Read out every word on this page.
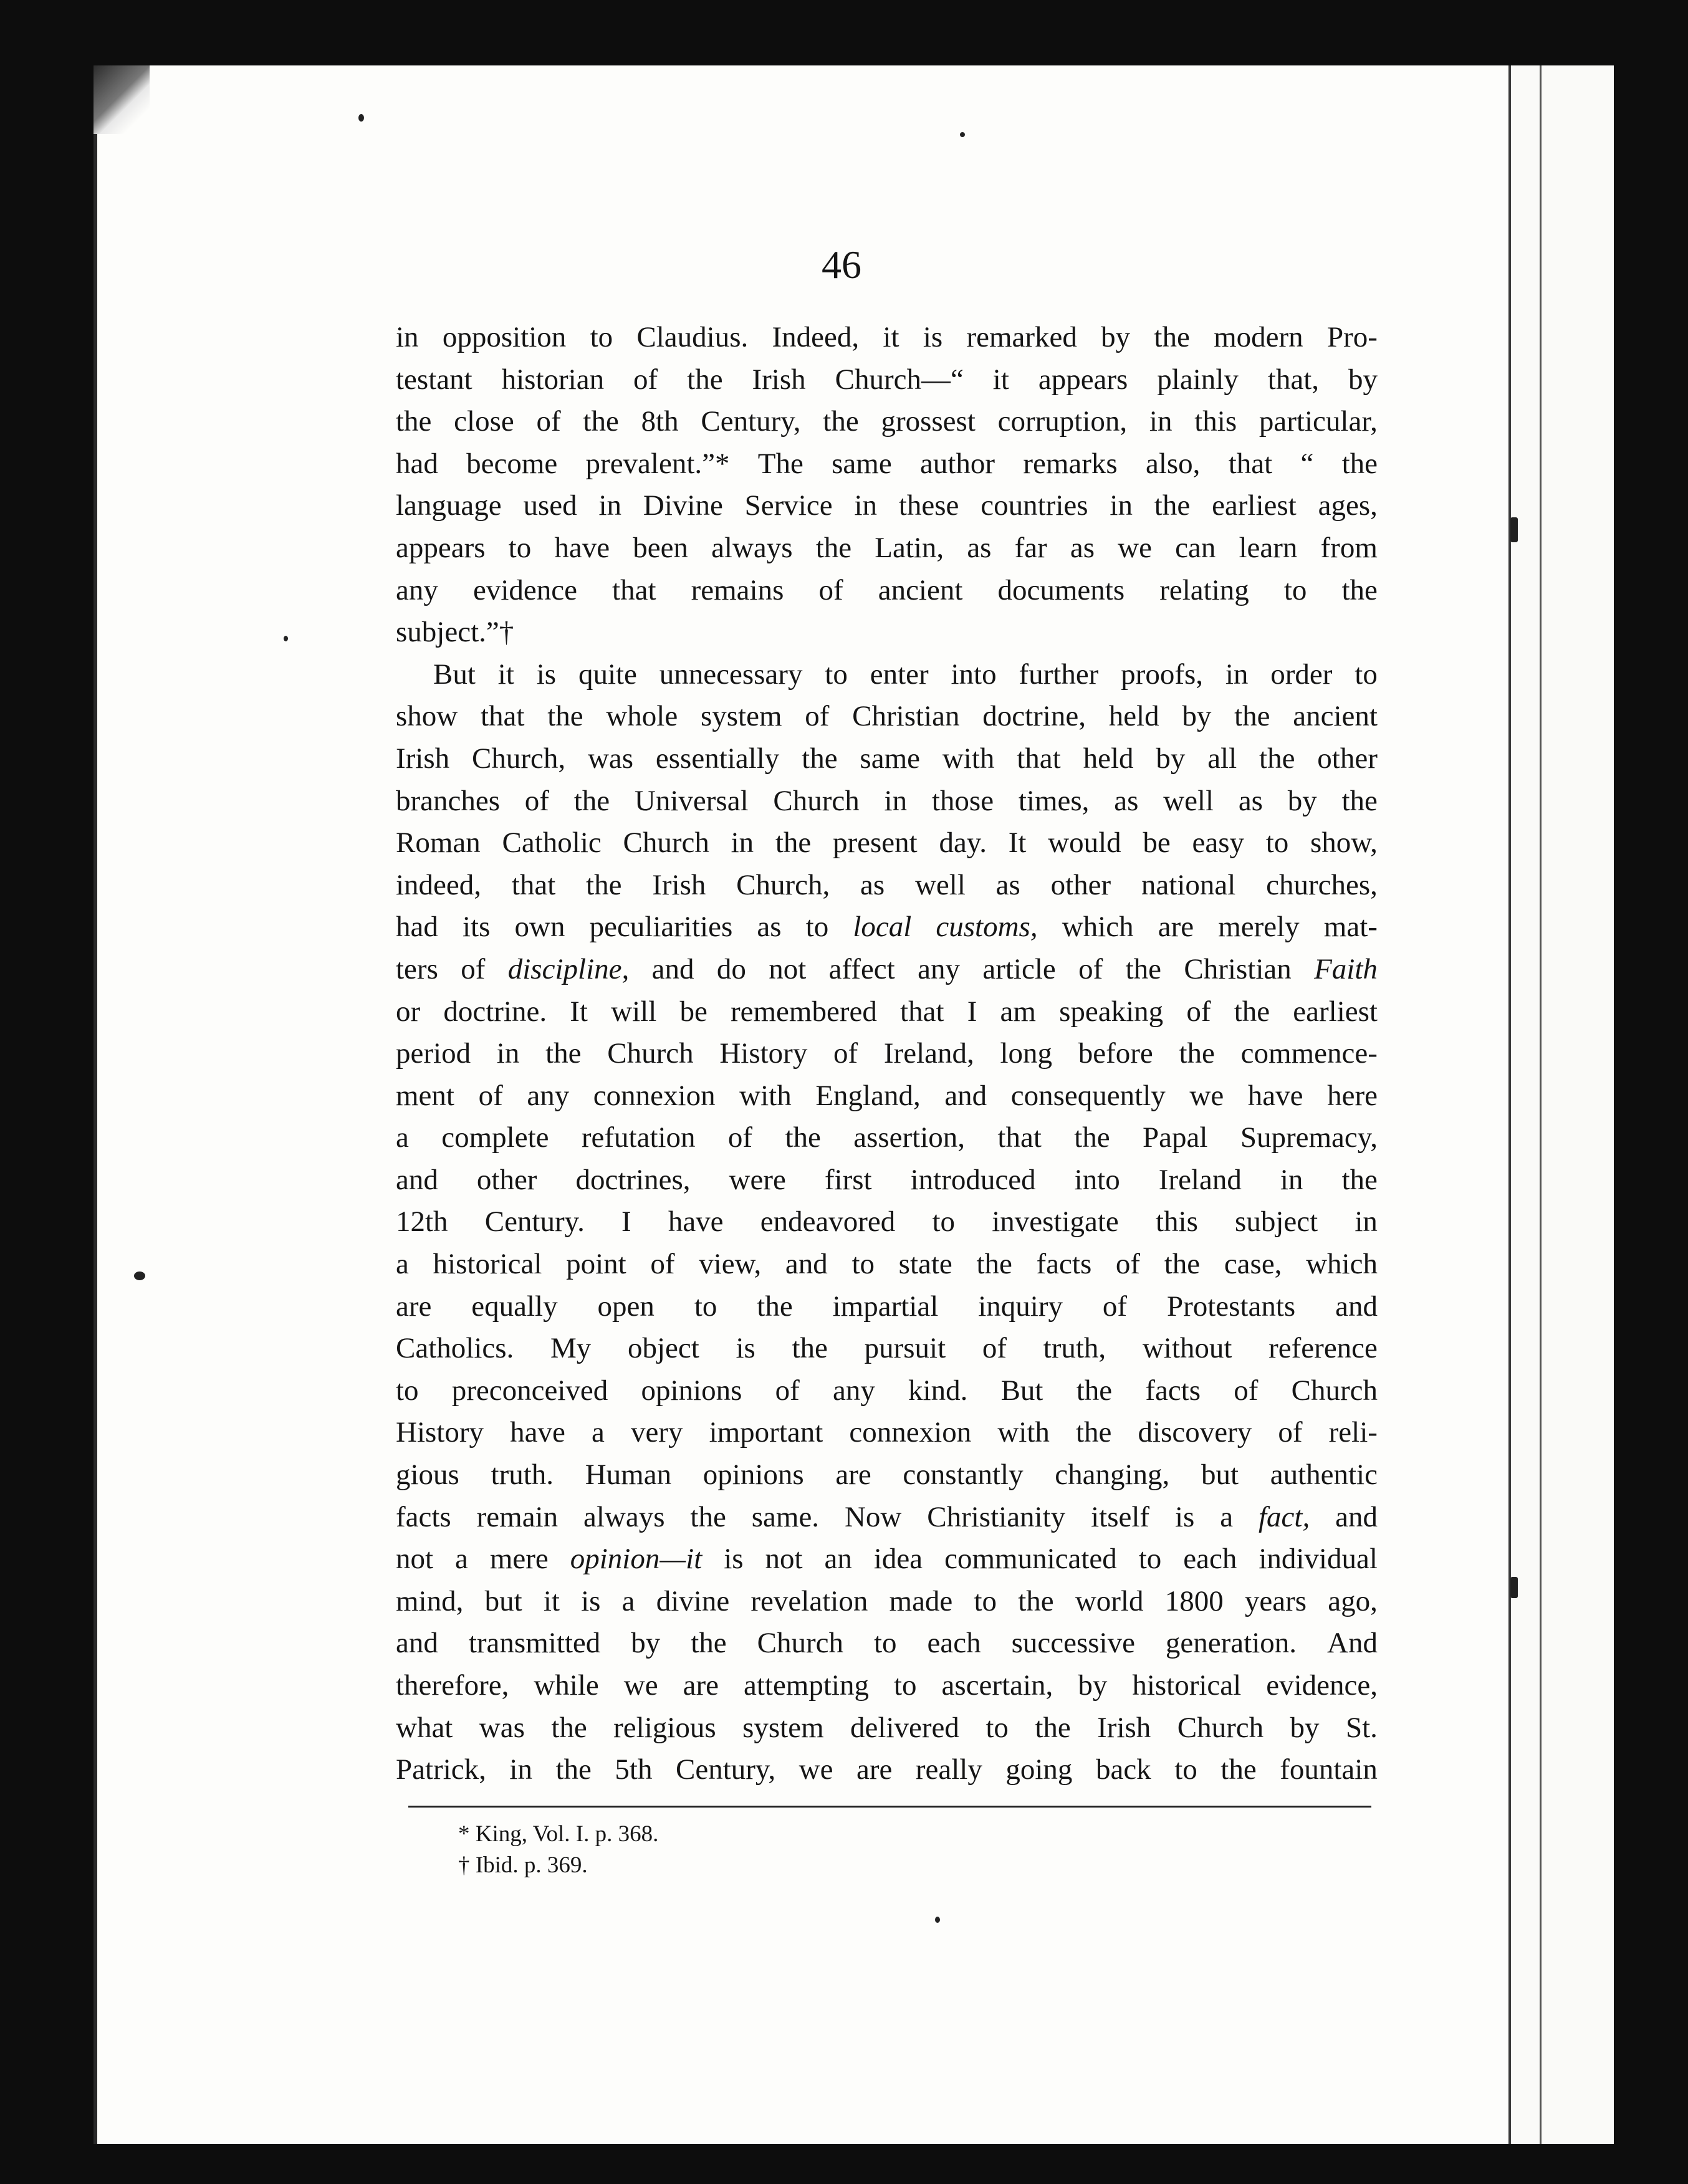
46
in opposition to Claudius. Indeed, it is remarked by the modern Pro-
testant historian of the Irish Church—“ it appears plainly that, by
the close of the 8th Century, the grossest corruption, in this particular,
had become prevalent.”* The same author remarks also, that “ the
language used in Divine Service in these countries in the earliest ages,
appears to have been always the Latin, as far as we can learn from
any evidence that remains of ancient documents relating to the
subject.”†
But it is quite unnecessary to enter into further proofs, in order to
show that the whole system of Christian doctrine, held by the ancient
Irish Church, was essentially the same with that held by all the other
branches of the Universal Church in those times, as well as by the
Roman Catholic Church in the present day. It would be easy to show,
indeed, that the Irish Church, as well as other national churches,
had its own peculiarities as to local customs, which are merely mat-
ters of discipline, and do not affect any article of the Christian Faith
or doctrine. It will be remembered that I am speaking of the earliest
period in the Church History of Ireland, long before the commence-
ment of any connexion with England, and consequently we have here
a complete refutation of the assertion, that the Papal Supremacy,
and other doctrines, were first introduced into Ireland in the
12th Century. I have endeavored to investigate this subject in
a historical point of view, and to state the facts of the case, which
are equally open to the impartial inquiry of Protestants and
Catholics. My object is the pursuit of truth, without reference
to preconceived opinions of any kind. But the facts of Church
History have a very important connexion with the discovery of reli-
gious truth. Human opinions are constantly changing, but authentic
facts remain always the same. Now Christianity itself is a fact, and
not a mere opinion—it is not an idea communicated to each individual
mind, but it is a divine revelation made to the world 1800 years ago,
and transmitted by the Church to each successive generation. And
therefore, while we are attempting to ascertain, by historical evidence,
what was the religious system delivered to the Irish Church by St.
Patrick, in the 5th Century, we are really going back to the fountain
* King, Vol. I. p. 368.
† Ibid. p. 369.
